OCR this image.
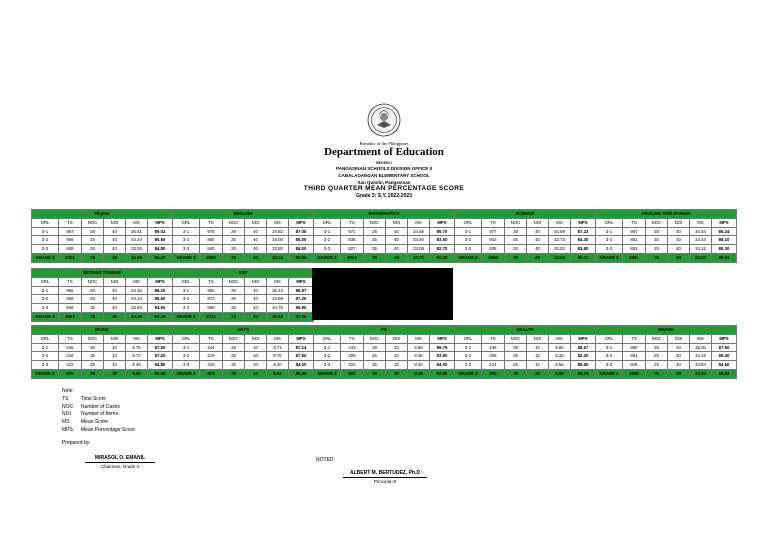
Republic of the Philippines
Department of Education
REGION I
PANGASINAN SCHOOLS DIVISION OFFICE II
CABALAOANGAN ELEMENTARY SCHOOL
San Quintin, Pangasinan
THIRD QUARTER MEAN PERCENTAGE SCORE
Grade 3; S.Y. 2022-2023
Filipino					
GRL	TS	NOC	NOI	MS	MPS
3-1	957	28	40	35.61	89.02
3-2	856	25	40	34.24	85.60
3-3	848	25	40	33.92	84.80
GRADE 3	2701	78	40	34.59	86.47
ENGLISH					
GRL	TS	NOC	NOI	MS	MPS
3-1	975	28	40	34.82	87.05
3-2	850	25	40	34.00	85.00
3-3	840	25	40	33.60	84.00
GRADE 3	2665	78	40	34.14	85.35
MATHEMATICS					
GRL	TS	NOC	NOI	MS	MPS
3-1	971	28	40	34.68	86.70
3-2	835	25	40	33.40	83.50
3-3	827	25	40	33.08	82.70
GRADE 3	2633	78	40	33.72	84.30
SCIENCE					
GRL	TS	NOC	NOI	MS	MPS
3-1	977	28	40	34.89	87.23
3-2	843	25	40	33.72	84.30
3-3	838	25	40	33.52	83.80
GRADE 3	2658	78	40	34.04	85.11
ARALING PANLIPUNAN					
GRL	TS	NOC	NOI	MS	MPS
3-1	967	28	40	34.54	86.34
3-2	861	25	40	34.44	86.10
3-3	853	25	40	34.12	85.30
GRADE 3	2681	78	40	34.37	85.91
MOTHER TONGUE					
GRL	TS	NOC	NOI	MS	MPS
3-1	965	28	40	34.46	86.16
3-2	856	25	40	34.24	85.60
3-3	846	25	40	33.84	84.60
GRADE 3	2667	78	40	34.16	85.45
ESP					
GRL	TS	NOC	NOI	MS	MPS
3-1	992	28	40	35.43	88.57
3-2	872	25	40	34.88	87.20
3-3	869	25	40	34.76	86.90
GRADE 3	2733	78	40	35.02	87.56
MUSIC					
GRL	TS	NOC	NOI	MS	MPS
3-1	245	28	10	8.75	87.50
3-2	218	25	10	8.72	87.20
3-3	212	25	10	8.48	84.80
GRADE 3	675	78	10	8.65	86.50
ARTS					
GRL	TS	NOC	NOI	MS	MPS
3-1	244	28	10	8.71	87.14
3-2	219	25	10	8.76	87.60
3-3	210	25	10	8.40	84.00
GRADE 3	673	78	10	8.62	86.25
PE					
GRL	TS	NOC	NOI	MS	MPS
3-1	243	28	10	8.68	86.79
3-2	209	25	10	8.36	83.60
3-3	210	25	10	8.40	84.00
GRADE 3	662	78	10	8.48	84.80
HEALTH					
GRL	TS	NOC	NOI	MS	MPS
3-1	248	28	10	8.86	88.57
3-2	208	25	10	8.32	83.20
3-3	214	25	10	8.56	85.60
GRADE 3	670	78	10	8.58	85.79
MAPEH					
GRL	TS	NOC	NOI	MS	MPS
3-1	980	28	40	35.00	87.50
3-2	854	25	40	34.16	85.40
3-3	846	25	40	33.84	84.60
GRADE 3	2680	78	40	34.33	85.83
Note:
TS	Total Score
NOC Number of Cases
NOI Number of Items
MS Mean Score
MPS Mean Percentage Score
Prepared by:
MIRASOL O. EMANIL
Chairman, Grade 3
NOTED:
ALBERT M. BERTUDEZ, Ph.D
Principal III
